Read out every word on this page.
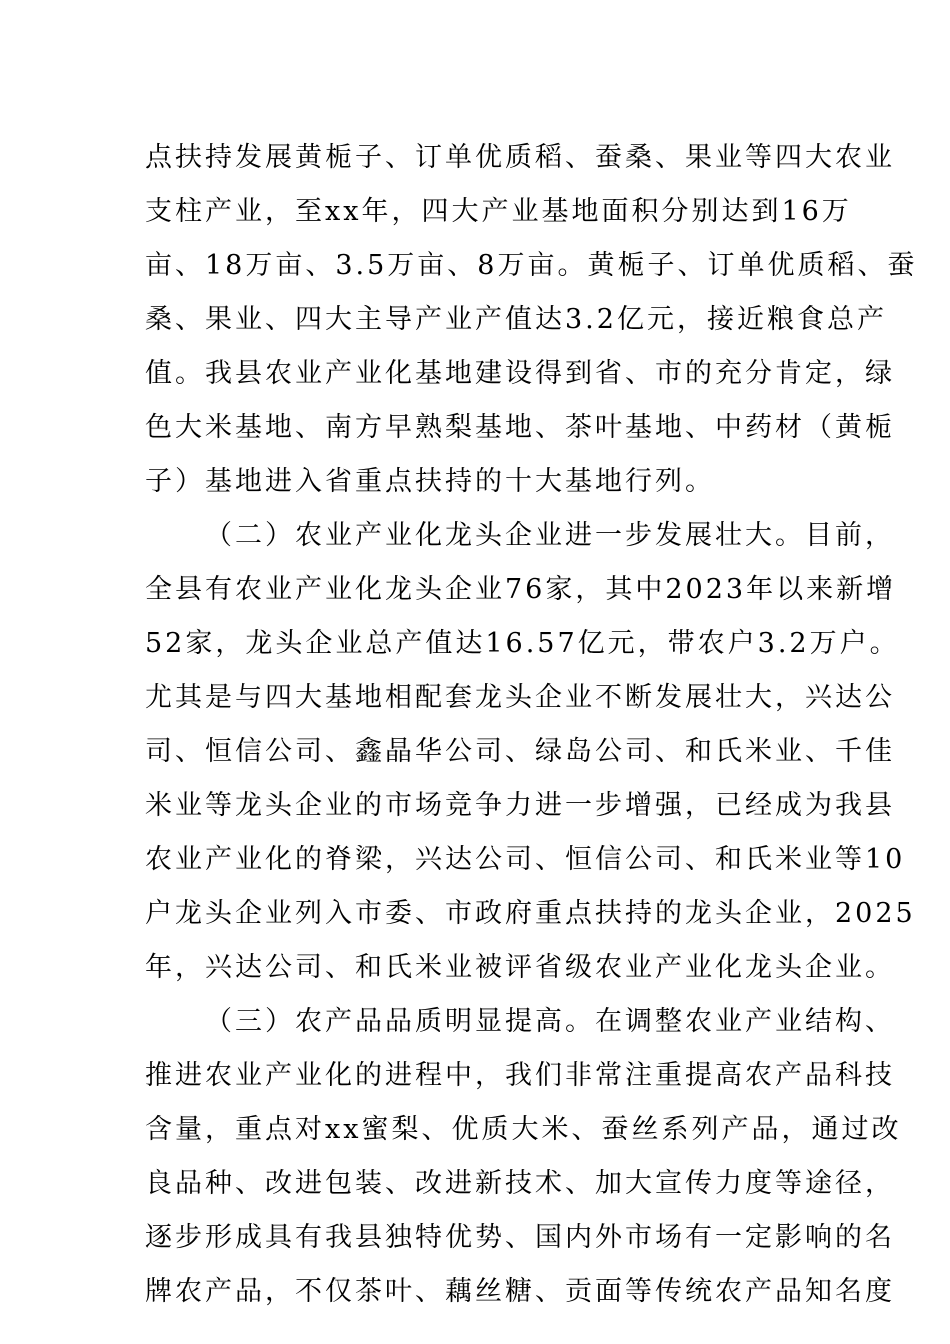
点扶持发展黄栀子、订单优质稻、蚕桑、果业等四大农业
支柱产业，至xx年，四大产业基地面积分别达到16万
亩、18万亩、3.5万亩、8万亩。黄栀子、订单优质稻、蚕
桑、果业、四大主导产业产值达3.2亿元，接近粮食总产
值。我县农业产业化基地建设得到省、市的充分肯定，绿
色大米基地、南方早熟梨基地、茶叶基地、中药材（黄栀
子）基地进入省重点扶持的十大基地行列。
（二）农业产业化龙头企业进一步发展壮大。目前，
全县有农业产业化龙头企业76家，其中2023年以来新增
52家，龙头企业总产值达16.57亿元，带农户3.2万户。
尤其是与四大基地相配套龙头企业不断发展壮大，兴达公
司、恒信公司、鑫晶华公司、绿岛公司、和氏米业、千佳
米业等龙头企业的市场竞争力进一步增强，已经成为我县
农业产业化的脊梁，兴达公司、恒信公司、和氏米业等10
户龙头企业列入市委、市政府重点扶持的龙头企业，2025
年，兴达公司、和氏米业被评省级农业产业化龙头企业。
（三）农产品品质明显提高。在调整农业产业结构、
推进农业产业化的进程中，我们非常注重提高农产品科技
含量，重点对xx蜜梨、优质大米、蚕丝系列产品，通过改
良品种、改进包装、改进新技术、加大宣传力度等途径，
逐步形成具有我县独特优势、国内外市场有一定影响的名
牌农产品，不仅茶叶、藕丝糖、贡面等传统农产品知名度
